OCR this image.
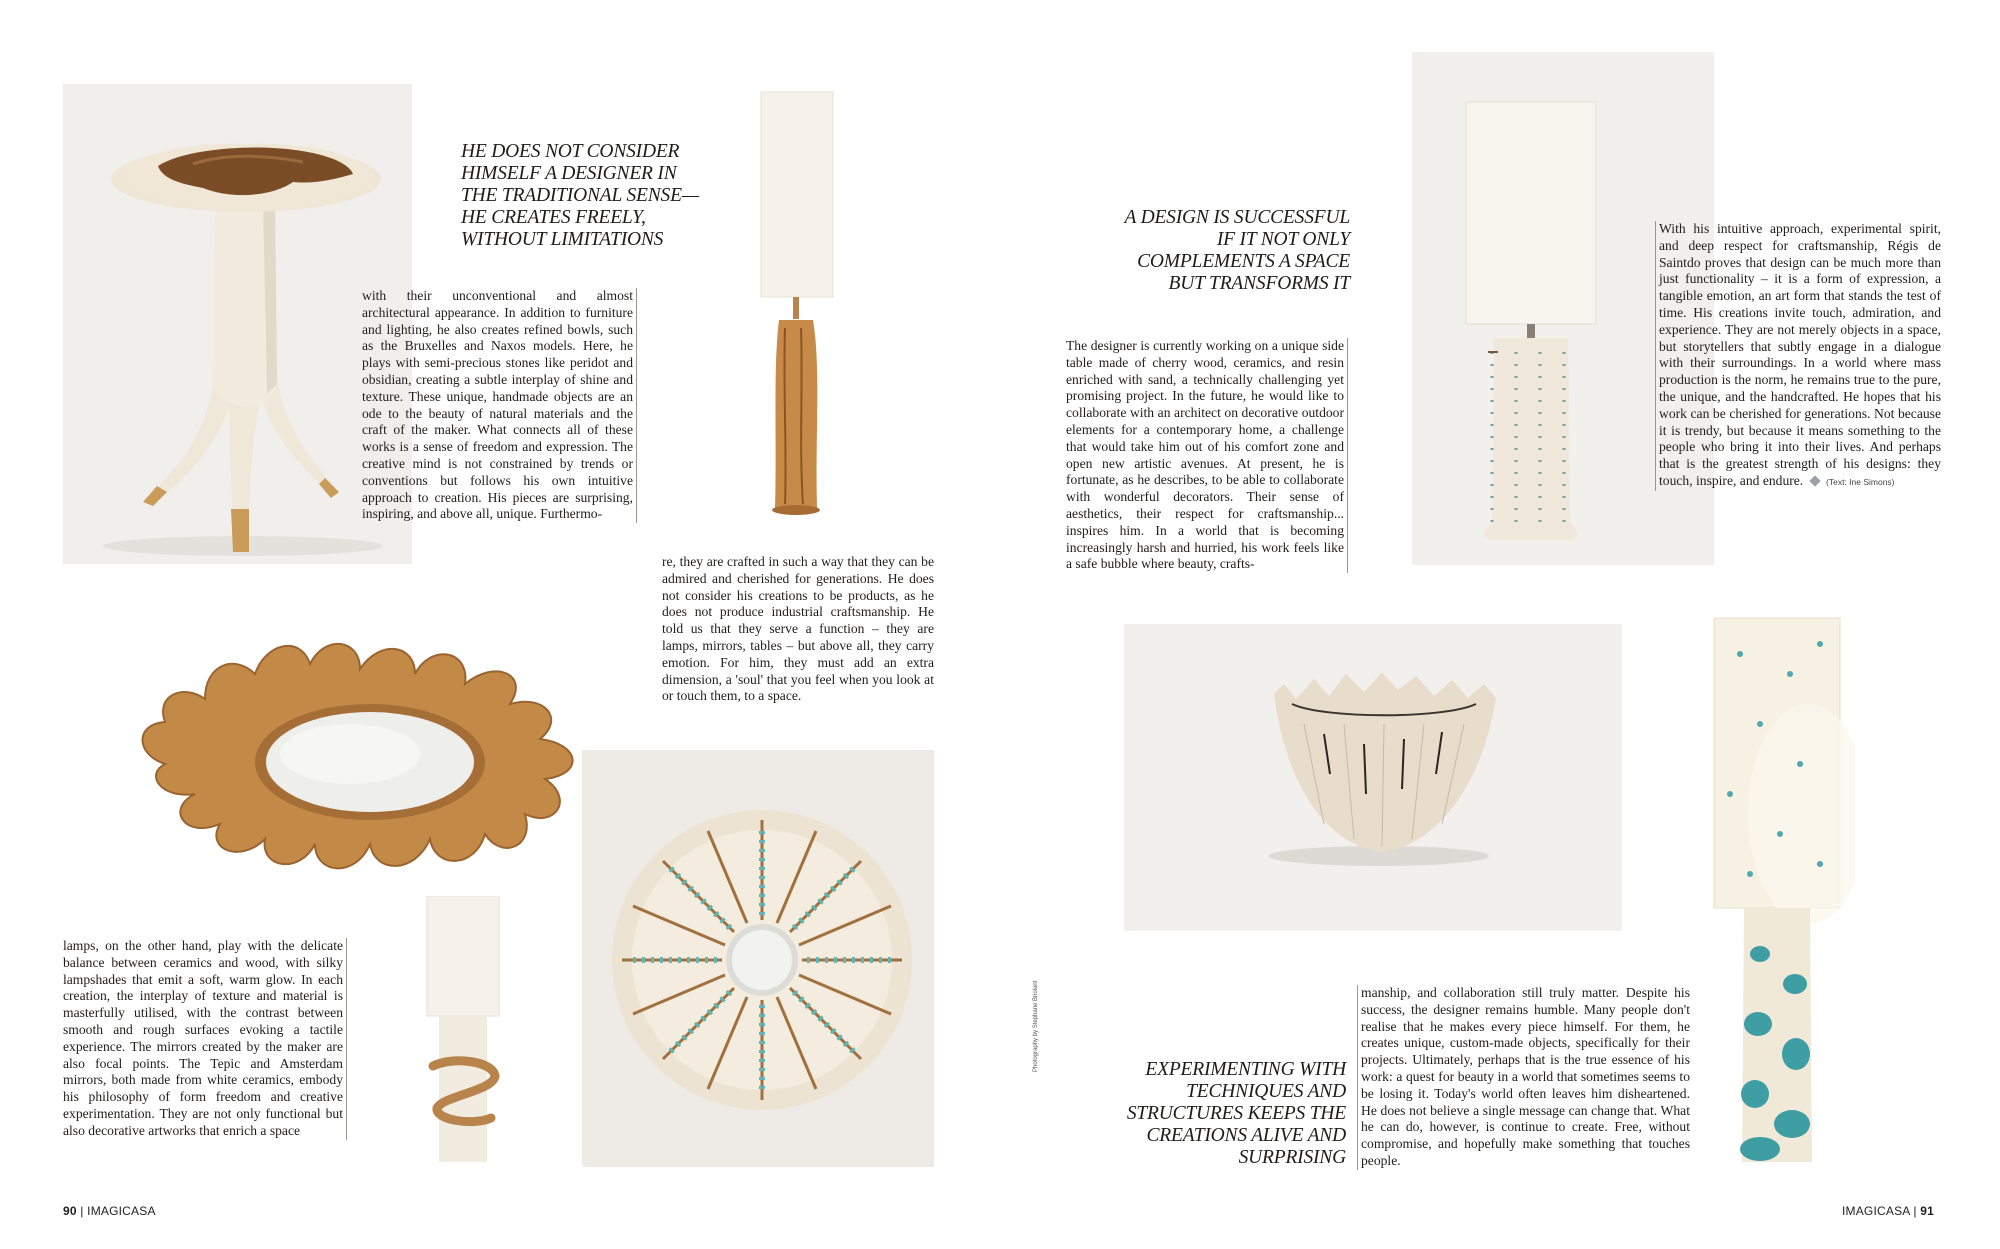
HE DOES NOT CONSIDER
HIMSELF A DESIGNER IN
THE TRADITIONAL SENSE—
HE CREATES FREELY,
WITHOUT LIMITATIONS
with their unconventional and almost architectural appearance. In addition to furniture and lighting, he also creates refined bowls, such as the Bruxelles and Naxos models. Here, he plays with semi-precious stones like peridot and obsidian, creating a subtle interplay of shine and texture. These unique, handmade objects are an ode to the beauty of natural materials and the craft of the maker. What connects all of these works is a sense of freedom and expression. The creative mind is not constrained by trends or conventions but follows his own intuitive approach to creation. His pieces are surprising, inspiring, and above all, unique. Furthermo-
re, they are crafted in such a way that they can be admired and cherished for generations. He does not consider his creations to be products, as he does not produce industrial craftsmanship. He told us that they serve a function – they are lamps, mirrors, tables – but above all, they carry emotion. For him, they must add an extra dimension, a 'soul' that you feel when you look at or touch them, to a space.
lamps, on the other hand, play with the delicate balance between ceramics and wood, with silky lampshades that emit a soft, warm glow. In each creation, the interplay of texture and material is masterfully utilised, with the contrast between smooth and rough surfaces evoking a tactile experience. The mirrors created by the maker are also focal points. The Tepic and Amsterdam mirrors, both made from white ceramics, embody his philosophy of form freedom and creative experimentation. They are not only functional but also decorative artworks that enrich a space
90 | IMAGICASA
A DESIGN IS SUCCESSFUL
IF IT NOT ONLY
COMPLEMENTS A SPACE
BUT TRANSFORMS IT
The designer is currently working on a unique side table made of cherry wood, ceramics, and resin enriched with sand, a technically challenging yet promising project. In the future, he would like to collaborate with an architect on decorative outdoor elements for a contemporary home, a challenge that would take him out of his comfort zone and open new artistic avenues. At present, he is fortunate, as he describes, to be able to collaborate with wonderful decorators. Their sense of aesthetics, their respect for craftsmanship... inspires him. In a world that is becoming increasingly harsh and hurried, his work feels like a safe bubble where beauty, crafts-
With his intuitive approach, experimental spirit, and deep respect for craftsmanship, Régis de Saintdo proves that design can be much more than just functionality – it is a form of expression, a tangible emotion, an art form that stands the test of time. His creations invite touch, admiration, and experience. They are not merely objects in a space, but storytellers that subtly engage in a dialogue with their surroundings. In a world where mass production is the norm, he remains true to the pure, the unique, and the handcrafted. He hopes that his work can be cherished for generations. Not because it is trendy, but because it means something to the people who bring it into their lives. And perhaps that is the greatest strength of his designs: they touch, inspire, and endure.	(Text: Ine Simons)
EXPERIMENTING WITH
TECHNIQUES AND
STRUCTURES KEEPS THE
CREATIONS ALIVE AND
SURPRISING
manship, and collaboration still truly matter. Despite his success, the designer remains humble. Many people don't realise that he makes every piece himself. For them, he creates unique, custom-made objects, specifically for their projects. Ultimately, perhaps that is the true essence of his work: a quest for beauty in a world that sometimes seems to be losing it. Today's world often leaves him disheartened. He does not believe a single message can change that. What he can do, however, is continue to create. Free, without compromise, and hopefully make something that touches people.
Photography by Stephane Briolant
IMAGICASA | 91
